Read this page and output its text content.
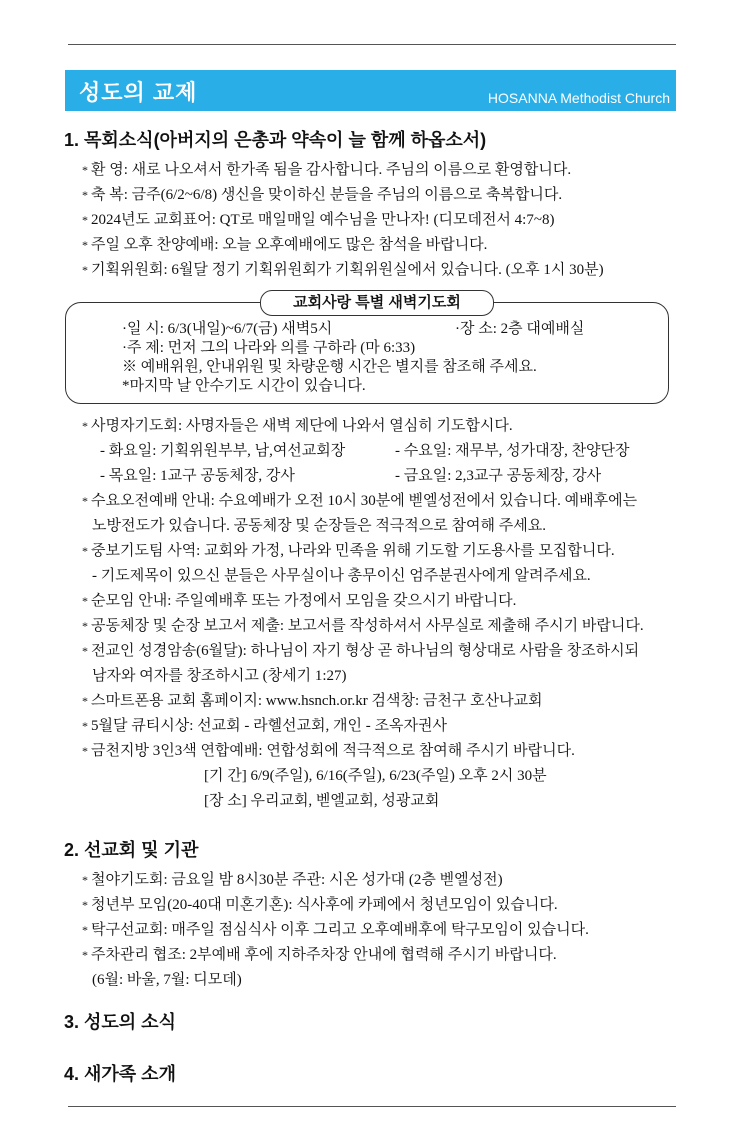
성도의 교제	HOSANNA Methodist Church
1. 목회소식(아버지의 은총과 약속이 늘 함께 하옵소서)
* 환 영: 새로 나오셔서 한가족 됨을 감사합니다. 주님의 이름으로 환영합니다.
* 축 복: 금주(6/2~6/8) 생신을 맞이하신 분들을 주님의 이름으로 축복합니다.
* 2024년도 교회표어: QT로 매일매일 예수님을 만나자! (디모데전서 4:7~8)
* 주일 오후 찬양예배: 오늘 오후예배에도 많은 참석을 바랍니다.
* 기획위원회: 6월달 정기 기획위원회가 기획위원실에서 있습니다. (오후 1시 30분)
교회사랑 특별 새벽기도회
·일 시: 6/3(내일)~6/7(금) 새벽5시	·장 소: 2층 대예배실
·주 제: 먼저 그의 나라와 의를 구하라 (마 6:33)
※ 예배위원, 안내위원 및 차량운행 시간은 별지를 참조해 주세요.
*마지막 날 안수기도 시간이 있습니다.
* 사명자기도회: 사명자들은 새벽 제단에 나와서 열심히 기도합시다.
- 화요일: 기획위원부부, 남,여선교회장	- 수요일: 재무부, 성가대장, 찬양단장
- 목요일: 1교구 공동체장, 강사	- 금요일: 2,3교구 공동체장, 강사
* 수요오전예배 안내: 수요예배가 오전 10시 30분에 벧엘성전에서 있습니다. 예배후에는
노방전도가 있습니다. 공동체장 및 순장들은 적극적으로 참여해 주세요.
* 중보기도팀 사역: 교회와 가정, 나라와 민족을 위해 기도할 기도용사를 모집합니다.
- 기도제목이 있으신 분들은 사무실이나 총무이신 엄주분권사에게 알려주세요.
* 순모임 안내: 주일예배후 또는 가정에서 모임을 갖으시기 바랍니다.
* 공동체장 및 순장 보고서 제출: 보고서를 작성하셔서 사무실로 제출해 주시기 바랍니다.
* 전교인 성경암송(6월달): 하나님이 자기 형상 곧 하나님의 형상대로 사람을 창조하시되
남자와 여자를 창조하시고 (창세기 1:27)
* 스마트폰용 교회 홈페이지: www.hsnch.or.kr 검색창: 금천구 호산나교회
* 5월달 큐티시상: 선교회 - 라헬선교회, 개인 - 조옥자권사
* 금천지방 3인3색 연합예배: 연합성회에 적극적으로 참여해 주시기 바랍니다.
[기 간] 6/9(주일), 6/16(주일), 6/23(주일) 오후 2시 30분
[장 소] 우리교회, 벧엘교회, 성광교회
2. 선교회 및 기관
* 철야기도회: 금요일 밤 8시30분 주관: 시온 성가대 (2층 벧엘성전)
* 청년부 모임(20-40대 미혼기혼): 식사후에 카페에서 청년모임이 있습니다.
* 탁구선교회: 매주일 점심식사 이후 그리고 오후예배후에 탁구모임이 있습니다.
* 주차관리 협조: 2부예배 후에 지하주차장 안내에 협력해 주시기 바랍니다.
(6월: 바울, 7월: 디모데)
3. 성도의 소식
4. 새가족 소개
